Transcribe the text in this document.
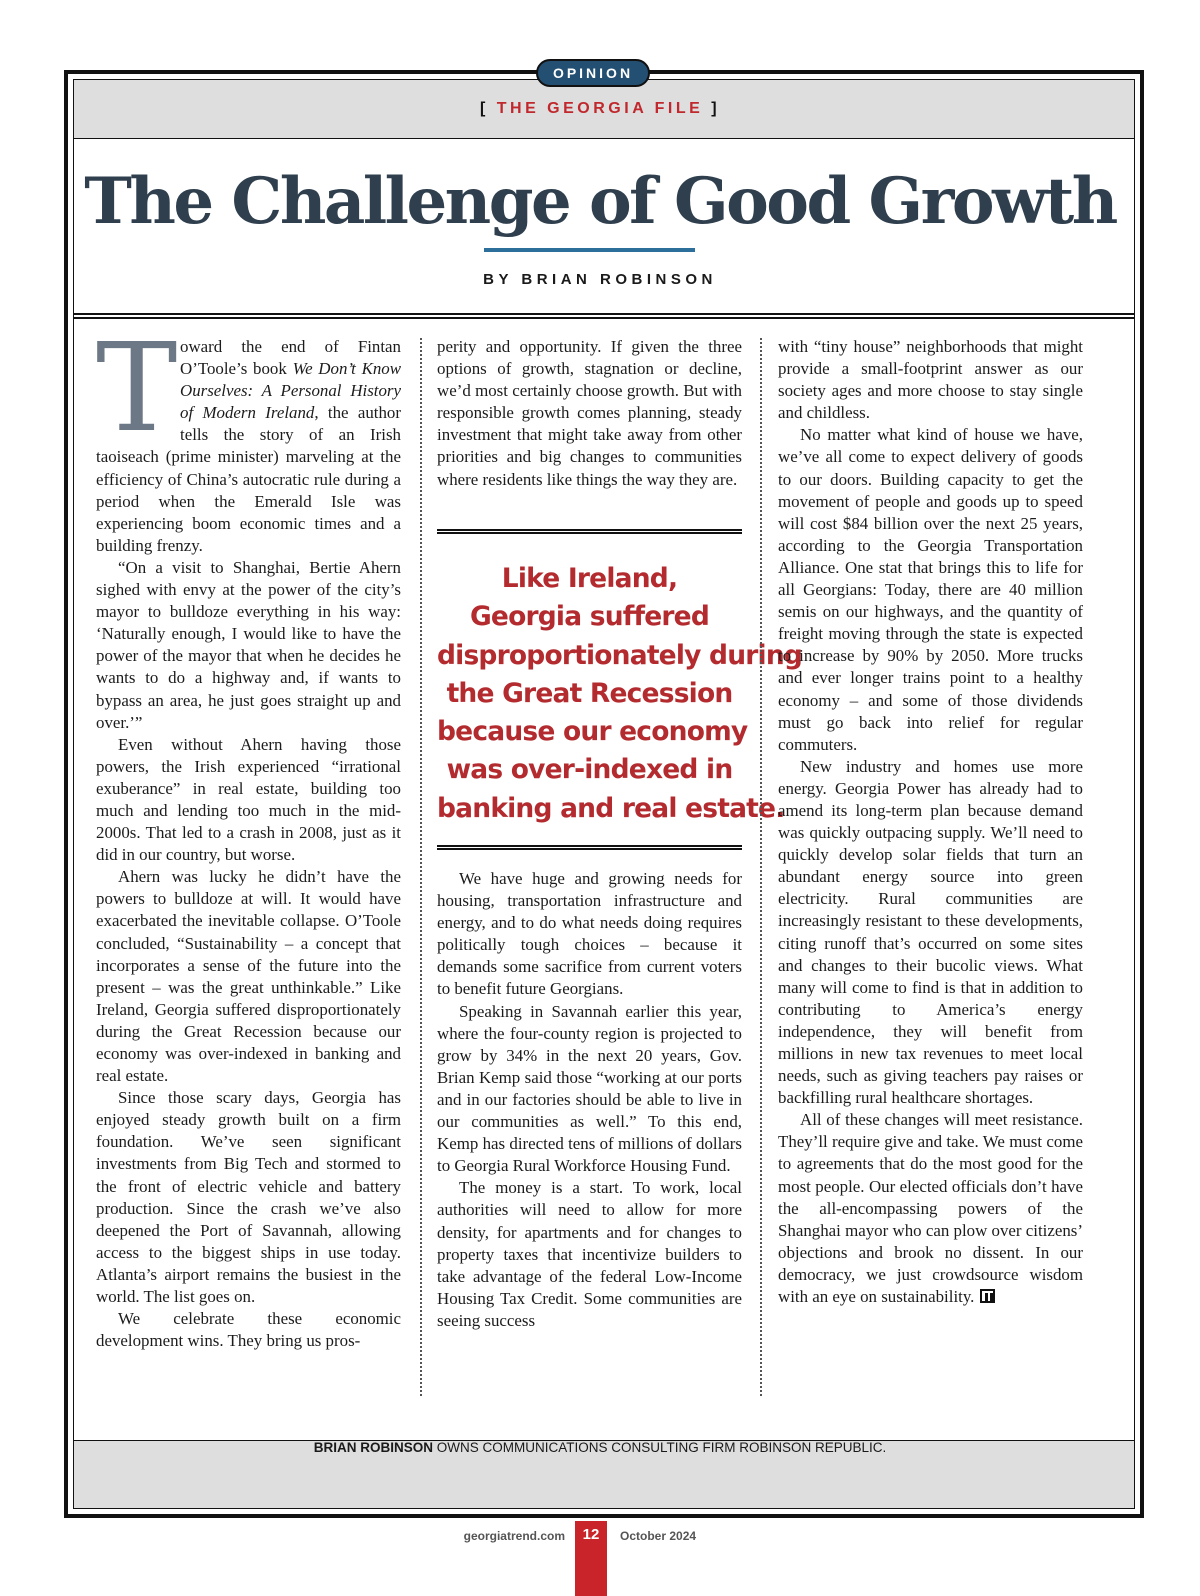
OPINION
[ THE GEORGIA FILE ]
The Challenge of Good Growth
BY BRIAN ROBINSON

Toward the end of Fintan O’Toole’s book We Don’t Know Ourselves: A Personal History of Modern Ireland, the author tells the story of an Irish taoiseach (prime minister) marveling at the efficiency of China’s autocratic rule during a period when the Emerald Isle was experiencing boom economic times and a building frenzy.

“On a visit to Shanghai, Bertie Ahern sighed with envy at the power of the city’s mayor to bulldoze everything in his way: ‘Naturally enough, I would like to have the power of the mayor that when he decides he wants to do a highway and, if wants to bypass an area, he just goes straight up and over.’”

Even without Ahern having those powers, the Irish experienced “irrational exuberance” in real estate, building too much and lending too much in the mid-2000s. That led to a crash in 2008, just as it did in our country, but worse.

Ahern was lucky he didn’t have the powers to bulldoze at will. It would have exacerbated the inevitable collapse. O’Toole concluded, “Sustainability – a concept that incorporates a sense of the future into the present – was the great unthinkable.” Like Ireland, Georgia suffered disproportionately during the Great Recession because our economy was over-indexed in banking and real estate.

Since those scary days, Georgia has enjoyed steady growth built on a firm foundation. We’ve seen significant investments from Big Tech and stormed to the front of electric vehicle and battery production. Since the crash we’ve also deepened the Port of Savannah, allowing access to the biggest ships in use today. Atlanta’s airport remains the busiest in the world. The list goes on.

We celebrate these economic development wins. They bring us pros-

perity and opportunity. If given the three options of growth, stagnation or decline, we’d most certainly choose growth. But with responsible growth comes planning, steady investment that might take away from other priorities and big changes to communities where residents like things the way they are.

Like Ireland,
Georgia suffered
disproportionately during
the Great Recession
because our economy
was over-indexed in
banking and real estate.

We have huge and growing needs for housing, transportation infrastructure and energy, and to do what needs doing requires politically tough choices – because it demands some sacrifice from current voters to benefit future Georgians.

Speaking in Savannah earlier this year, where the four-county region is projected to grow by 34% in the next 20 years, Gov. Brian Kemp said those “working at our ports and in our factories should be able to live in our communities as well.” To this end, Kemp has directed tens of millions of dollars to Georgia Rural Workforce Housing Fund.

The money is a start. To work, local authorities will need to allow for more density, for apartments and for changes to property taxes that incentivize builders to take advantage of the federal Low-Income Housing Tax Credit. Some communities are seeing success

with “tiny house” neighborhoods that might provide a small-footprint answer as our society ages and more choose to stay single and childless.

No matter what kind of house we have, we’ve all come to expect delivery of goods to our doors. Building capacity to get the movement of people and goods up to speed will cost $84 billion over the next 25 years, according to the Georgia Transportation Alliance. One stat that brings this to life for all Georgians: Today, there are 40 million semis on our highways, and the quantity of freight moving through the state is expected to increase by 90% by 2050. More trucks and ever longer trains point to a healthy economy – and some of those dividends must go back into relief for regular commuters.

New industry and homes use more energy. Georgia Power has already had to amend its long-term plan because demand was quickly outpacing supply. We’ll need to quickly develop solar fields that turn an abundant energy source into green electricity. Rural communities are increasingly resistant to these developments, citing runoff that’s occurred on some sites and changes to their bucolic views. What many will come to find is that in addition to contributing to America’s energy independence, they will benefit from millions in new tax revenues to meet local needs, such as giving teachers pay raises or backfilling rural healthcare shortages.

All of these changes will meet resistance. They’ll require give and take. We must come to agreements that do the most good for the most people. Our elected officials don’t have the all-encompassing powers of the Shanghai mayor who can plow over citizens’ objections and brook no dissent. In our democracy, we just crowdsource wisdom with an eye on sustainability.

BRIAN ROBINSON OWNS COMMUNICATIONS CONSULTING FIRM ROBINSON REPUBLIC.
georgiatrend.com	12	October 2024
